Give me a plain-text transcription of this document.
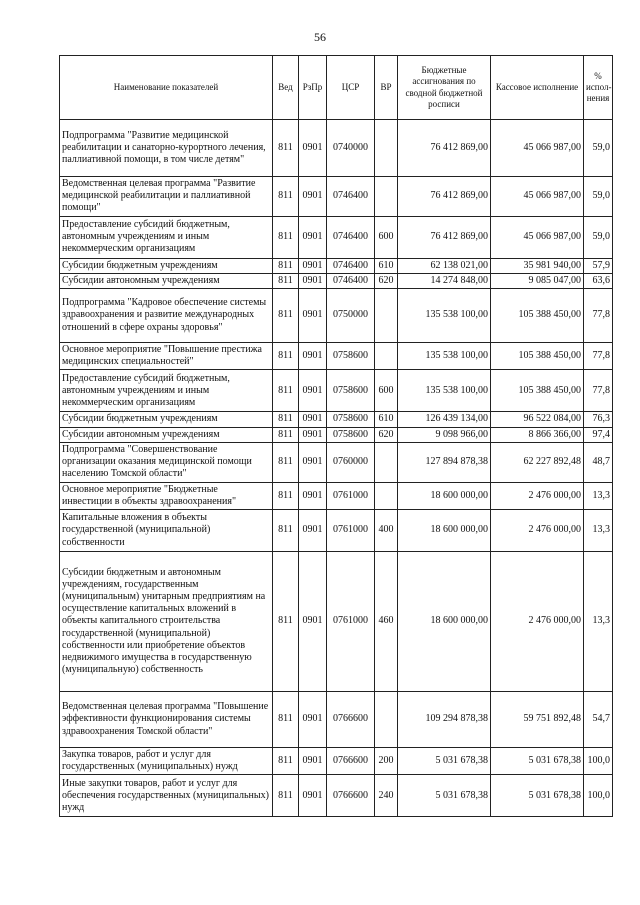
56
Наименование показателей	Вед	РзПр	ЦСР	ВР	Бюджетные ассигнования по сводной бюджетной росписи	Кассовое исполнение	% испол-нения
Подпрограмма "Развитие медицинской реабилитации и санаторно-курортного лечения, паллиативной помощи, в том числе детям"	811	0901	0740000		76 412 869,00	45 066 987,00	59,0
Ведомственная целевая программа "Развитие медицинской реабилитации и паллиативной помощи"	811	0901	0746400		76 412 869,00	45 066 987,00	59,0
Предоставление субсидий бюджетным, автономным учреждениям и иным некоммерческим организациям	811	0901	0746400	600	76 412 869,00	45 066 987,00	59,0
Субсидии бюджетным учреждениям	811	0901	0746400	610	62 138 021,00	35 981 940,00	57,9
Субсидии автономным учреждениям	811	0901	0746400	620	14 274 848,00	9 085 047,00	63,6
Подпрограмма "Кадровое обеспечение системы здравоохранения и развитие международных отношений в сфере охраны здоровья"	811	0901	0750000		135 538 100,00	105 388 450,00	77,8
Основное мероприятие "Повышение престижа медицинских специальностей"	811	0901	0758600		135 538 100,00	105 388 450,00	77,8
Предоставление субсидий бюджетным, автономным учреждениям и иным некоммерческим организациям	811	0901	0758600	600	135 538 100,00	105 388 450,00	77,8
Субсидии бюджетным учреждениям	811	0901	0758600	610	126 439 134,00	96 522 084,00	76,3
Субсидии автономным учреждениям	811	0901	0758600	620	9 098 966,00	8 866 366,00	97,4
Подпрограмма "Совершенствование организации оказания медицинской помощи населению Томской области"	811	0901	0760000		127 894 878,38	62 227 892,48	48,7
Основное мероприятие "Бюджетные инвестиции в объекты здравоохранения"	811	0901	0761000		18 600 000,00	2 476 000,00	13,3
Капитальные вложения в объекты государственной (муниципальной) собственности	811	0901	0761000	400	18 600 000,00	2 476 000,00	13,3
Субсидии бюджетным и автономным учреждениям, государственным (муниципальным) унитарным предприятиям на осуществление капитальных вложений в объекты капитального строительства государственной (муниципальной) собственности или приобретение объектов недвижимого имущества в государственную (муниципальную) собственность	811	0901	0761000	460	18 600 000,00	2 476 000,00	13,3
Ведомственная целевая программа "Повышение эффективности функционирования системы здравоохранения Томской области"	811	0901	0766600		109 294 878,38	59 751 892,48	54,7
Закупка товаров, работ и услуг для государственных (муниципальных) нужд	811	0901	0766600	200	5 031 678,38	5 031 678,38	100,0
Иные закупки товаров, работ и услуг для обеспечения государственных (муниципальных) нужд	811	0901	0766600	240	5 031 678,38	5 031 678,38	100,0
